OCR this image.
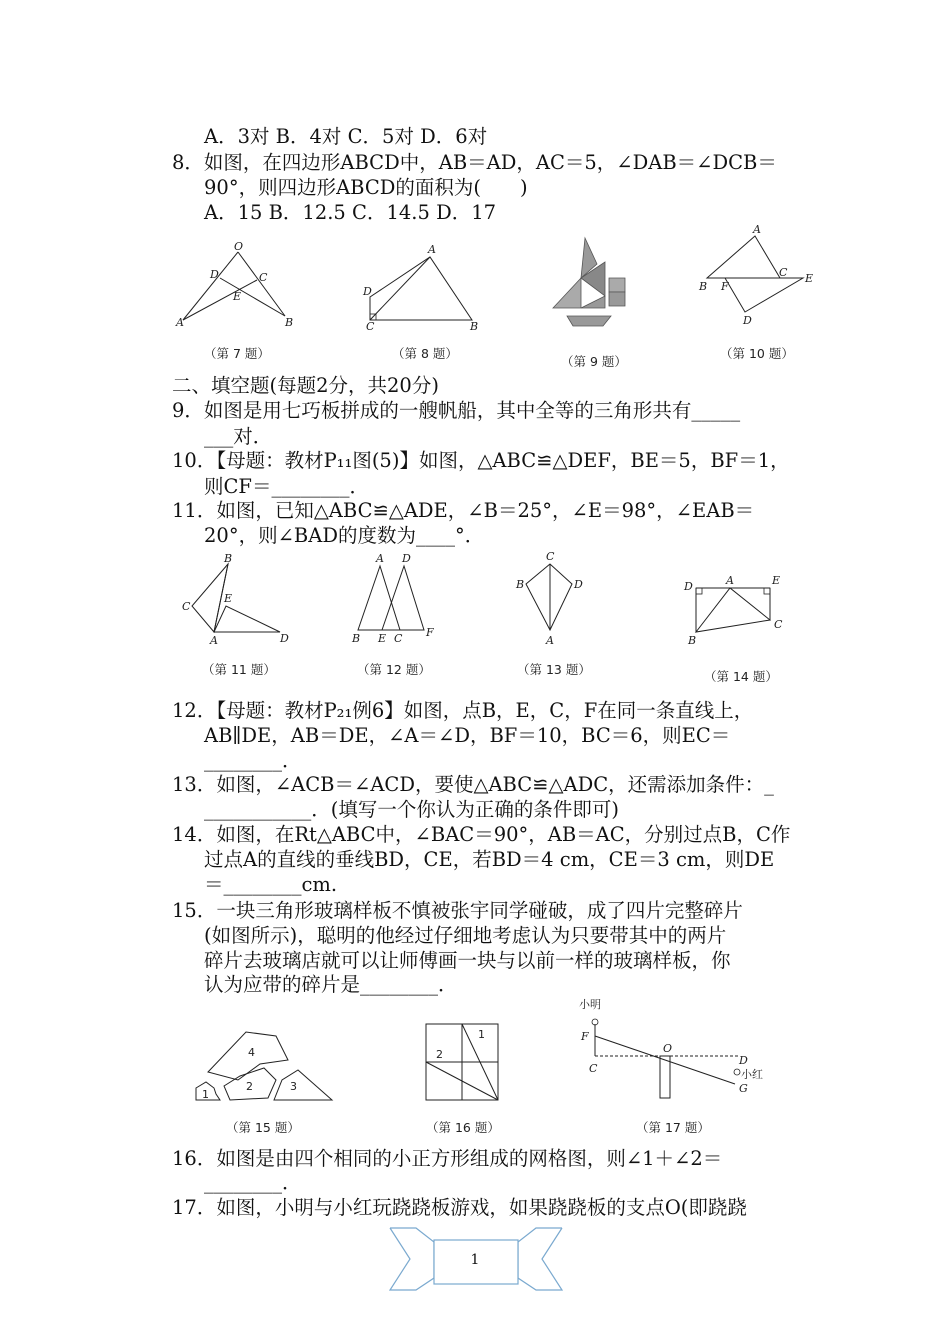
A．3对 B．4对 C．5对 D．6对
8．如图，在四边形ABCD中，AB＝AD，AC＝5，∠DAB＝∠DCB＝
90°，则四边形ABCD的面积为(　　)
A．15 B．12.5 C．14.5 D．17
O
D	C
E
A	B
（第 7 题）
A
D
C	B
（第 8 题）
（第 9 题）
A
B F
C E
D
（第 10 题）
二、填空题(每题2分，共20分)
9．如图是用七巧板拼成的一艘帆船，其中全等的三角形共有_____
___对．
10．【母题：教材P₁₁图(5)】如图，△ABC≌△DEF，BE＝5，BF＝1，
则CF＝________．
11．如图，已知△ABC≌△ADE，∠B＝25°，∠E＝98°，∠EAB＝
20°，则∠BAD的度数为____°．
B
C
E
A	D
（第 11 题）
A D
B E C F
（第 12 题）
C
B	D
A
（第 13 题）
D	A	E
B
C
（第 14 题）
12．【母题：教材P₂₁例6】如图，点B，E，C，F在同一条直线上，
AB∥DE，AB＝DE，∠A＝∠D，BF＝10，BC＝6，则EC＝
________．
13．如图，∠ACB＝∠ACD，要使△ABC≌△ADC，还需添加条件：_
___________．(填写一个你认为正确的条件即可)
14．如图，在Rt△ABC中，∠BAC＝90°，AB＝AC，分别过点B，C作
过点A的直线的垂线BD，CE，若BD＝4 cm，CE＝3 cm，则DE
＝________cm.
15．一块三角形玻璃样板不慎被张宇同学碰破，成了四片完整碎片
(如图所示)，聪明的他经过仔细地考虑认为只要带其中的两片
碎片去玻璃店就可以让师傅画一块与以前一样的玻璃样板，你
认为应带的碎片是________．
4
2	3
1
（第 15 题）
1
2
（第 16 题）
小明
F
C
O
D
小红
G
（第 17 题）
16．如图是由四个相同的小正方形组成的网格图，则∠1＋∠2＝
________．
17．如图，小明与小红玩跷跷板游戏，如果跷跷板的支点O(即跷跷
1
